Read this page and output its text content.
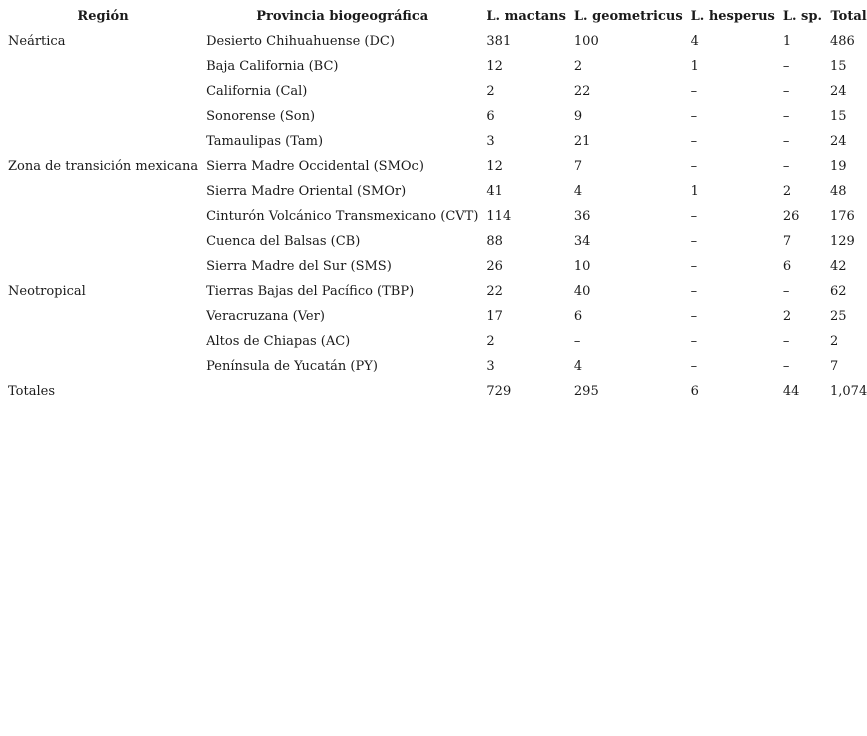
Región	Provincia biogeográfica	L. mactans	L. geometricus	L. hesperus	L. sp.	Total
Neártica	Desierto Chihuahuense (DC)	381	100	4	1	486
	Baja California (BC)	12	2	1	–	15
	California (Cal)	2	22	–	–	24
	Sonorense (Son)	6	9	–	–	15
	Tamaulipas (Tam)	3	21	–	–	24
Zona de transición mexicana	Sierra Madre Occidental (SMOc)	12	7	–	–	19
	Sierra Madre Oriental (SMOr)	41	4	1	2	48
	Cinturón Volcánico Transmexicano (CVT)	114	36	–	26	176
	Cuenca del Balsas (CB)	88	34	–	7	129
	Sierra Madre del Sur (SMS)	26	10	–	6	42
Neotropical	Tierras Bajas del Pacífico (TBP)	22	40	–	–	62
	Veracruzana (Ver)	17	6	–	2	25
	Altos de Chiapas (AC)	2	–	–	–	2
	Península de Yucatán (PY)	3	4	–	–	7
Totales		729	295	6	44	1,074
